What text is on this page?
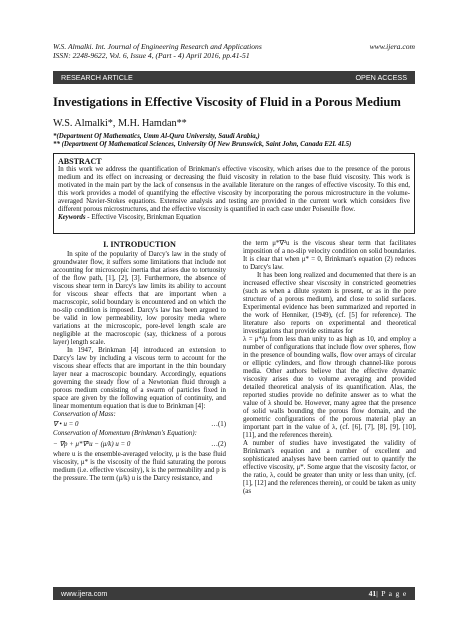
W.S. Almalki. Int. Journal of Engineering Research and Applications	www.ijera.com
ISSN: 2248-9622, Vol. 6, Issue 4, (Part - 4) April 2016, pp.41-51
RESEARCH ARTICLE	OPEN ACCESS
Investigations in Effective Viscosity of Fluid in a Porous Medium
W.S. Almalki*, M.H. Hamdan**
*(Department Of Mathematics, Umm Al-Qura University, Saudi Arabia,)
** (Department Of Mathematical Sciences, University Of New Brunswick, Saint John, Canada E2L 4L5)
ABSTRACT
In this work we address the quantification of Brinkman's effective viscosity, which arises due to the presence of the porous medium and its effect on increasing or decreasing the fluid viscosity in relation to the base fluid viscosity. This work is motivated in the main part by the lack of consensus in the available literature on the ranges of effective viscosity. To this end, this work provides a model of quantifying the effective viscosity by incorporating the porous microstructure in the volume-averaged Navier-Stokes equations. Extensive analysis and testing are provided in the current work which considers five different porous microstructures, and the effective viscosity is quantified in each case under Poiseuille flow.
Keywords - Effective Viscosity, Brinkman Equation
I. INTRODUCTION

In spite of the popularity of Darcy's law in the study of groundwater flow, it suffers some limitations that include not accounting for microscopic inertia that arises due to tortuosity of the flow path, [1], [2], [3]. Furthermore, the absence of viscous shear term in Darcy's law limits its ability to account for viscous shear effects that are important when a macroscopic, solid boundary is encountered and on which the no-slip condition is imposed. Darcy's law has been argued to be valid in low permeability, low porosity media where variations at the microscopic, pore-level length scale are negligible at the macroscopic (say, thickness of a porous layer) length scale.

In 1947, Brinkman [4] introduced an extension to Darcy's law by including a viscous term to account for the viscous shear effects that are important in the thin boundary layer near a macroscopic boundary. Accordingly, equations governing the steady flow of a Newtonian fluid through a porous medium consisting of a swarm of particles fixed in space are given by the following equation of continuity, and linear momentum equation that is due to Brinkman [4]:

Conservation of Mass:
∇ • u = 0	…(1)
Conservation of Momentum (Brinkman's Equation):
− ∇p + μ*∇²u − (μ/k) u = 0	…(2)

where u is the ensemble-averaged velocity, μ is the base fluid viscosity, μ* is the viscosity of the fluid saturating the porous medium (i.e. effective viscosity), k is the permeability and p is the pressure. The term (μ/k) u is the Darcy resistance, and

the term μ*∇²u is the viscous shear term that facilitates imposition of a no-slip velocity condition on solid boundaries. It is clear that when μ* = 0, Brinkman's equation (2) reduces to Darcy's law.

It has been long realized and documented that there is an increased effective shear viscosity in constricted geometries (such as when a dilute system is present, or as in the pore structure of a porous medium), and close to solid surfaces. Experimental evidence has been summarized and reported in the work of Henniker, (1949), (cf. [5] for reference). The literature also reports on experimental and theoretical investigations that provide estimates for

λ = μ*/μ from less than unity to as high as 10, and employ a number of configurations that include flow over spheres, flow in the presence of bounding walls, flow over arrays of circular or elliptic cylinders, and flow through channel-like porous media. Other authors believe that the effective dynamic viscosity arises due to volume averaging and provided detailed theoretical analysis of its quantification. Alas, the reported studies provide no definite answer as to what the value of λ should be. However, many agree that the presence of solid walls bounding the porous flow domain, and the geometric configurations of the porous material play an important part in the value of λ, (cf. [6], [7], [8], [9], [10], [11], and the references therein).

A number of studies have investigated the validity of Brinkman's equation and a number of excellent and sophisticated analyses have been carried out to quantify the effective viscosity, μ*. Some argue that the viscosity factor, or the ratio, λ, could be greater than unity or less than unity, (cf. [1], [12] and the references therein), or could be taken as unity (as

www.ijera.com	41| P a g e
